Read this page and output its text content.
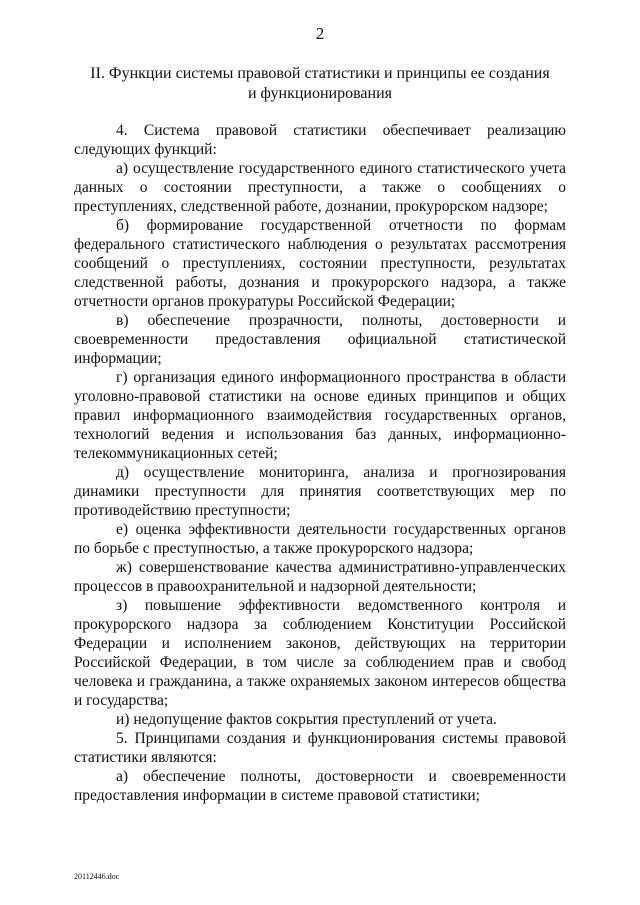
2
II. Функции системы правовой статистики и принципы ее создания
и функционирования

4. Система правовой статистики обеспечивает реализацию следующих функций:

а) осуществление государственного единого статистического учета данных о состоянии преступности, а также о сообщениях о преступлениях, следственной работе, дознании, прокурорском надзоре;

б) формирование государственной отчетности по формам федерального статистического наблюдения о результатах рассмотрения сообщений о преступлениях, состоянии преступности, результатах следственной работы, дознания и прокурорского надзора, а также отчетности органов прокуратуры Российской Федерации;

в) обеспечение прозрачности, полноты, достоверности и своевременности предоставления официальной статистической информации;

г) организация единого информационного пространства в области уголовно-правовой статистики на основе единых принципов и общих правил информационного взаимодействия государственных органов, технологий ведения и использования баз данных, информационно-телекоммуникационных сетей;

д) осуществление мониторинга, анализа и прогнозирования динамики преступности для принятия соответствующих мер по противодействию преступности;

е) оценка эффективности деятельности государственных органов по борьбе с преступностью, а также прокурорского надзора;

ж) совершенствование качества административно-управленческих процессов в правоохранительной и надзорной деятельности;

з) повышение эффективности ведомственного контроля и прокурорского надзора за соблюдением Конституции Российской Федерации и исполнением законов, действующих на территории Российской Федерации, в том числе за соблюдением прав и свобод человека и гражданина, а также охраняемых законом интересов общества и государства;

и) недопущение фактов сокрытия преступлений от учета.

5. Принципами создания и функционирования системы правовой статистики являются:

а) обеспечение полноты, достоверности и своевременности предоставления информации в системе правовой статистики;

20112446.doc
